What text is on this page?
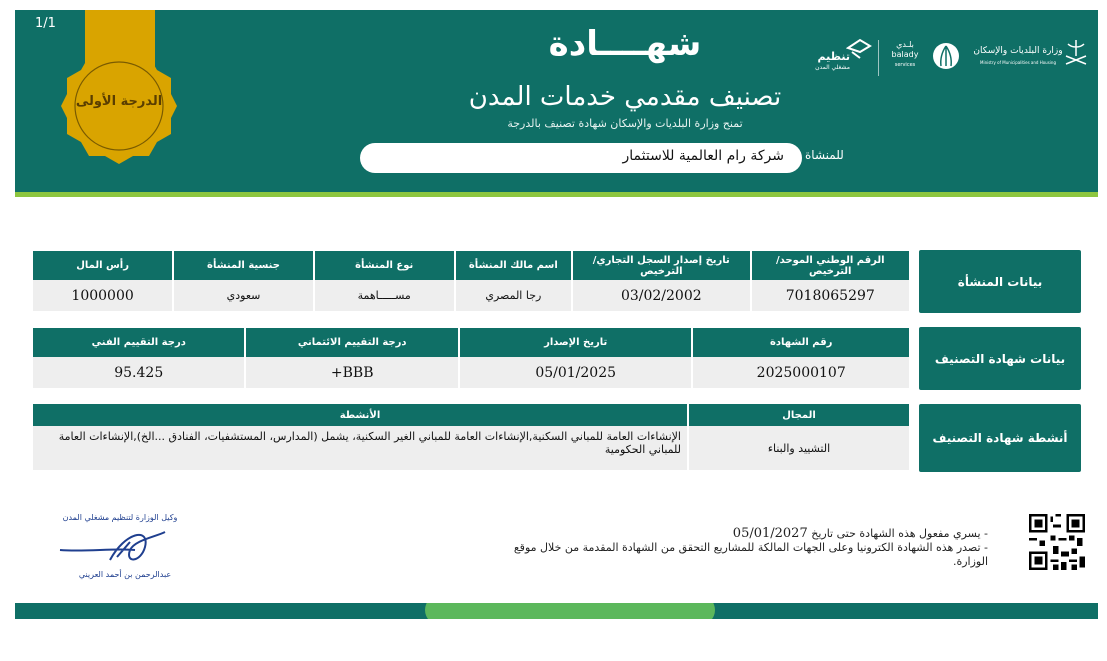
1/1
الدرجة الأولى
شهــــادة
تصنيف مقدمي خدمات المدن
تمنح وزارة البلديات والإسكان شهادة تصنيف بالدرجة
شركة رام العالمية للاستثمار	للمنشاة
تنظيم
مشغلي المدن
بلـدي
balady
services
وزارة البلديات والإسكان
Ministry of Municipalities and Housing
بيانات المنشأة
الرقم الوطني الموحد/ الترخيص	تاريخ إصدار السجل التجاري/ الترخيص	اسم مالك المنشأة	نوع المنشأة	جنسية المنشأة	رأس المال
7018065297	03/02/2002	رجا المصري	مســـــاهمة	سعودي	1000000
بيانات شهادة التصنيف
رقم الشهادة	تاريخ الإصدار	درجة التقييم الائتماني	درجة التقييم الفني
2025000107	05/01/2025	BBB+	95.425
أنشطة شهادة التصنيف
المجال	الأنشطة
التشييد والبناء	الإنشاءات العامة للمباني السكنية,الإنشاءات العامة للمباني الغير السكنية، يشمل (المدارس، المستشفيات، الفنادق ...الخ),الإنشاءات العامة للمباني الحكومية
- يسري مفعول هذه الشهادة حتى تاريخ 05/01/2027
- تصدر هذه الشهادة الكترونيا وعلى الجهات المالكة للمشاريع التحقق من الشهادة المقدمة من خلال موقع الوزارة.
وكيل الوزارة لتنظيم مشغلي المدن
عبدالرحمن بن أحمد العريني
